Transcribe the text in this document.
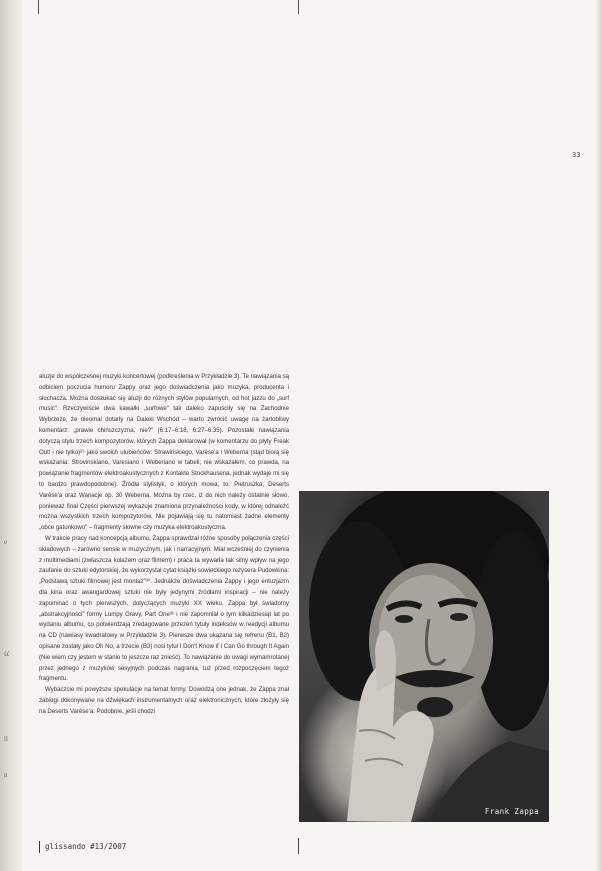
33
e
ść
ll
n

aluzje do współczesnej muzyki koncertowej (podkreślenia w Przykładzie 3). Te nawiązania są odbiciem poczucia humoru Zappy oraz jego doświadczenia jako muzyka, producenta i słuchacza. Można doszukać się aluzji do różnych stylów popularnych, od hot jazzu do „surf music". Rzeczywiście dwa kawałki „surfowe" tak daleko zapuściły się na Zachodnie Wybrzeże, że nieomal dotarły na Daleki Wschód – warto zwrócić uwagę na żartobliwy komentarz: „prawie chińszczyzna, nie?" (6:17–6:18, 6:27–6:35). Pozostałe nawiązania dotyczą stylu trzech kompozytorów, których Zappa deklarował (w komentarzu do płyty Freak Out! i nie tylko)²⁹ jako swoich ulubieńców: Strawińskiego, Varèse'a i Weberna (stąd biorą się wskazania: Strovinskiano, Varesiano i Weberiano w tabeli; nie wskazałem, co prawda, na powiązanie fragmentów elektroakustycznych z Kontakte Stockhausena, jednak wydaje mi się to bardzo prawdopodobne). Źródła stylistyk, o których mowa, to: Pietruszka, Deserts Varèse'a oraz Wariacje op. 30 Weberna. Można by rzec, iż do nich należy ostatnie słowo, ponieważ finał Części pierwszej wykazuje znamiona przynależności kody, w której odnaleźć można wszystkich trzech kompozytorów. Nie pojawiają się tu natomiast żadne elementy „obce gatunkowo" – fragmenty słowne czy muzyka elektroakustyczna.

W trakcie pracy nad koncepcją albumu, Zappa sprawdzał różne sposoby połączenia części składowych – zarówno sensie w muzycznym, jak i narracyjnym. Miał wcześniej do czynienia z multimediami (zwłaszcza kolażem oraz filmem) i praca ta wywarła tak silny wpływ na jego zaufanie do sztuki edytorskiej, że wykorzystał cytat książki sowieckiego reżysera Pudowkina: „Podstawą sztuki filmowej jest montaż"³⁰. Jednakże doświadczenia Zappy i jego entuzjazm dla kina oraz awangardowej sztuki nie były jedynymi źródłami inspiracji – nie należy zapominać o tych pierwszych, dotyczących muzyki XX wieku. Zappa był świadomy „abstrakcyjności" formy Lumpy Gravy, Part One³¹ i nie zapomniał o tym kilkadziesiąt lat po wydaniu albumu, co potwierdzają zredagowane przezeń tytuły indeksów w reedycji albumu na CD (nawiasy kwadratowy w Przykładzie 3). Pierwsze dwa ukazana się refrenu (B1, B2) opisane zostały jako Oh No, a trzecie (B3) nosi tytuł I Don't Know if I Can Go through It Again (Nie wiem czy jestem w stanie to jeszcze raz znieść). To nawiązanie do uwagi wymamrotanej przez jednego z muzyków sesyjnych podczas nagrania, tuż przed rozpoczęciem tegoż fragmentu.

Wybaczcie mi powyższe spekulacje na temat formy. Dowodzą one jednak, że Zappa znał zabiegi dokonywane na dźwiękach instrumentalnych oraz elektronicznych, które złożyły się na Deserts Varèse'a. Podobnie, jeśli chodzi

Frank Zappa
glissando #13/2007
